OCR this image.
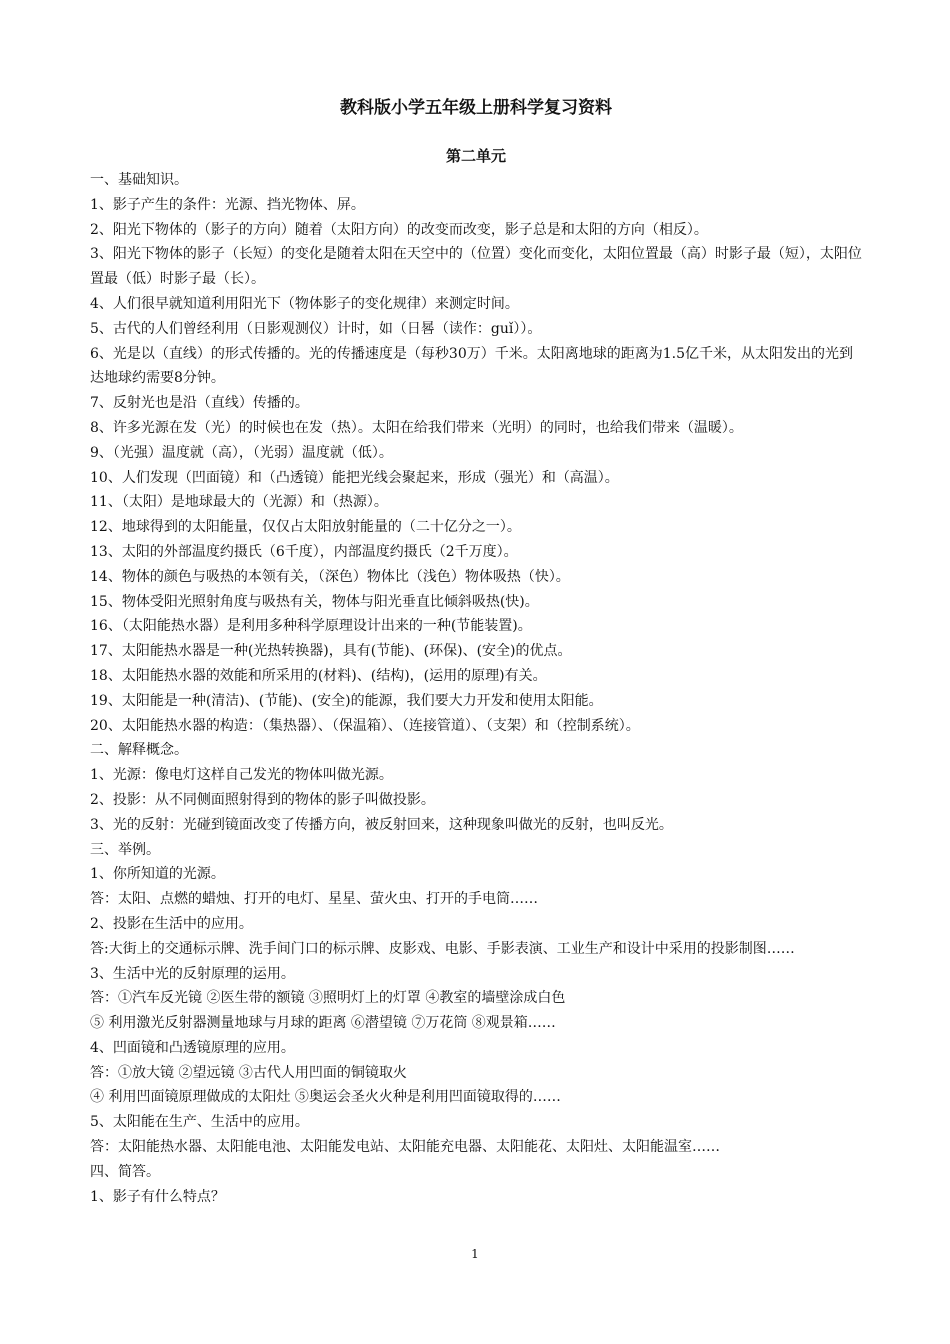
教科版小学五年级上册科学复习资料
第二单元

一、基础知识。

1、影子产生的条件：光源、挡光物体、屏。

2、阳光下物体的（影子的方向）随着（太阳方向）的改变而改变，影子总是和太阳的方向（相反）。

3、阳光下物体的影子（长短）的变化是随着太阳在天空中的（位置）变化而变化，太阳位置最（高）时影子最（短），太阳位置最（低）时影子最（长）。

4、人们很早就知道利用阳光下（物体影子的变化规律）来测定时间。

5、古代的人们曾经利用（日影观测仪）计时，如（日晷（读作：guǐ））。

6、光是以（直线）的形式传播的。光的传播速度是（每秒30万）千米。太阳离地球的距离为1.5亿千米，从太阳发出的光到达地球约需要8分钟。

7、反射光也是沿（直线）传播的。

8、许多光源在发（光）的时候也在发（热）。太阳在给我们带来（光明）的同时，也给我们带来（温暖）。

9、（光强）温度就（高），（光弱）温度就（低）。

10、人们发现（凹面镜）和（凸透镜）能把光线会聚起来，形成（强光）和（高温）。

11、（太阳）是地球最大的（光源）和（热源）。

12、地球得到的太阳能量，仅仅占太阳放射能量的（二十亿分之一）。

13、太阳的外部温度约摄氏（6千度），内部温度约摄氏（2千万度）。

14、物体的颜色与吸热的本领有关，（深色）物体比（浅色）物体吸热（快）。

15、物体受阳光照射角度与吸热有关，物体与阳光垂直比倾斜吸热(快)。

16、（太阳能热水器）是利用多种科学原理设计出来的一种(节能装置)。

17、太阳能热水器是一种(光热转换器)，具有(节能)、(环保)、(安全)的优点。

18、太阳能热水器的效能和所采用的(材料)、(结构)，(运用的原理)有关。

19、太阳能是一种(清洁)、(节能)、(安全)的能源，我们要大力开发和使用太阳能。

20、太阳能热水器的构造：（集热器）、（保温箱）、（连接管道）、（支架）和（控制系统）。

二、解释概念。

1、光源：像电灯这样自己发光的物体叫做光源。

2、投影：从不同侧面照射得到的物体的影子叫做投影。

3、光的反射：光碰到镜面改变了传播方向，被反射回来，这种现象叫做光的反射，也叫反光。

三、举例。

1、你所知道的光源。

答：太阳、点燃的蜡烛、打开的电灯、星星、萤火虫、打开的手电筒……

2、投影在生活中的应用。

答:大街上的交通标示牌、洗手间门口的标示牌、皮影戏、电影、手影表演、工业生产和设计中采用的投影制图……

3、生活中光的反射原理的运用。

答：①汽车反光镜 ②医生带的额镜 ③照明灯上的灯罩 ④教室的墙壁涂成白色

⑤ 利用激光反射器测量地球与月球的距离 ⑥潜望镜 ⑦万花筒 ⑧观景箱……

4、凹面镜和凸透镜原理的应用。

答：①放大镜 ②望远镜 ③古代人用凹面的铜镜取火

④ 利用凹面镜原理做成的太阳灶 ⑤奥运会圣火火种是利用凹面镜取得的……

5、太阳能在生产、生活中的应用。

答：太阳能热水器、太阳能电池、太阳能发电站、太阳能充电器、太阳能花、太阳灶、太阳能温室……

四、简答。

1、影子有什么特点？

1
